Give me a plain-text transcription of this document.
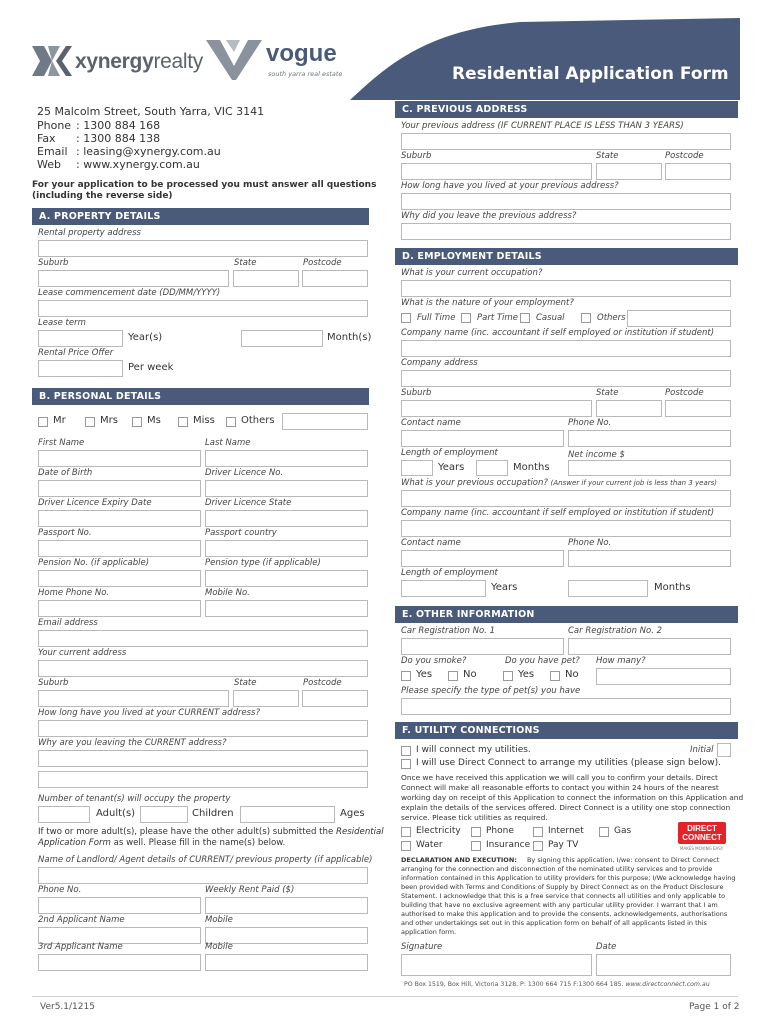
xynergyrealty	vogue
south yarra real estate	Residential Application Form
25 Malcolm Street, South Yarra, VIC 3141
Phone : 1300 884 168
Fax : 1300 884 138
Email : leasing@xynergy.com.au
Web : www.xynergy.com.au
For your application to be processed you must answer all questions
(including the reverse side)
A. PROPERTY DETAILS
Rental property address
Suburb	State	Postcode
Lease commencement date (DD/MM/YYYY)
Lease term
Year(s)	Month(s)
Rental Price Offer
Per week
B. PERSONAL DETAILS
Mr	Mrs	Ms	Miss	Others
First Name	Last Name
Date of Birth	Driver Licence No.
Driver Licence Expiry Date	Driver Licence State
Passport No.	Passport country
Pension No. (if applicable)	Pension type (if applicable)
Home Phone No.	Mobile No.
Email address
Your current address
Suburb	State	Postcode
How long have you lived at your CURRENT address?
Why are you leaving the CURRENT address?
Number of tenant(s) will occupy the property
Adult(s)	Children	Ages
If two or more adult(s), please have the other adult(s) submitted the Residential
Application Form as well. Please fill in the name(s) below.
Name of Landlord/ Agent details of CURRENT/ previous property (if applicable)
Phone No.	Weekly Rent Paid ($)
2nd Applicant Name	Mobile
3rd Applicant Name	Mobile
C. PREVIOUS ADDRESS
Your previous address (IF CURRENT PLACE IS LESS THAN 3 YEARS)
Suburb	State	Postcode
How long have you lived at your previous address?
Why did you leave the previous address?
D. EMPLOYMENT DETAILS
What is your current occupation?
What is the nature of your employment?
Full Time	Part Time Casual	Others
Company name (inc. accountant if self employed or institution if student)
Company address
Suburb	State	Postcode
Contact name	Phone No.
Length of employment	Net income $
Years	Months
What is your previous occupation? (Answer if your current job is less than 3 years)
Company name (inc. accountant if self employed or institution if student)
Contact name	Phone No.
Length of employment
Years	Months
E. OTHER INFORMATION
Car Registration No. 1	Car Registration No. 2
Do you smoke?	Do you have pet? How many?
Yes	No	Yes	No
Please specify the type of pet(s) you have
F. UTILITY CONNECTIONS
I will connect my utilities.	Initial
I will use Direct Connect to arrange my utilities (please sign below).
Once we have received this application we will call you to confirm your details. Direct
Connect will make all reasonable efforts to contact you within 24 hours of the nearest
working day on receipt of this Application to connect the information on this Application and
explain the details of the services offered. Direct Connect is a utility one stop connection
service. Please tick utilities as required.
Electricity	Phone	Internet	Gas
Water	Insurance Pay TV
DIRECT
CONNECT
MAKES MOVING EASY
DECLARATION AND EXECUTION: By signing this application, I/we: consent to Direct Connect
arranging for the connection and disconnection of the nominated utility services and to provide
information contained in this Application to utility providers for this purpose; I/We acknowledge having
been provided with Terms and Conditions of Supply by Direct Connect as on the Product Disclosure
Statement. I acknowledge that this is a free service that connects all utilities and only applicable to
building that have no exclusive agreement with any particular utility provider. I warrant that I am
authorised to make this application and to provide the consents, acknowledgements, authorisations
and other undertakings set out in this application form on behalf of all applicants listed in this
application form.
Signature	Date
PO Box 1519, Box Hill, Victoria 3128, P: 1300 664 715 F:1300 664 185. www.directconnect.com.au
Ver5.1/1215	Page 1 of 2
